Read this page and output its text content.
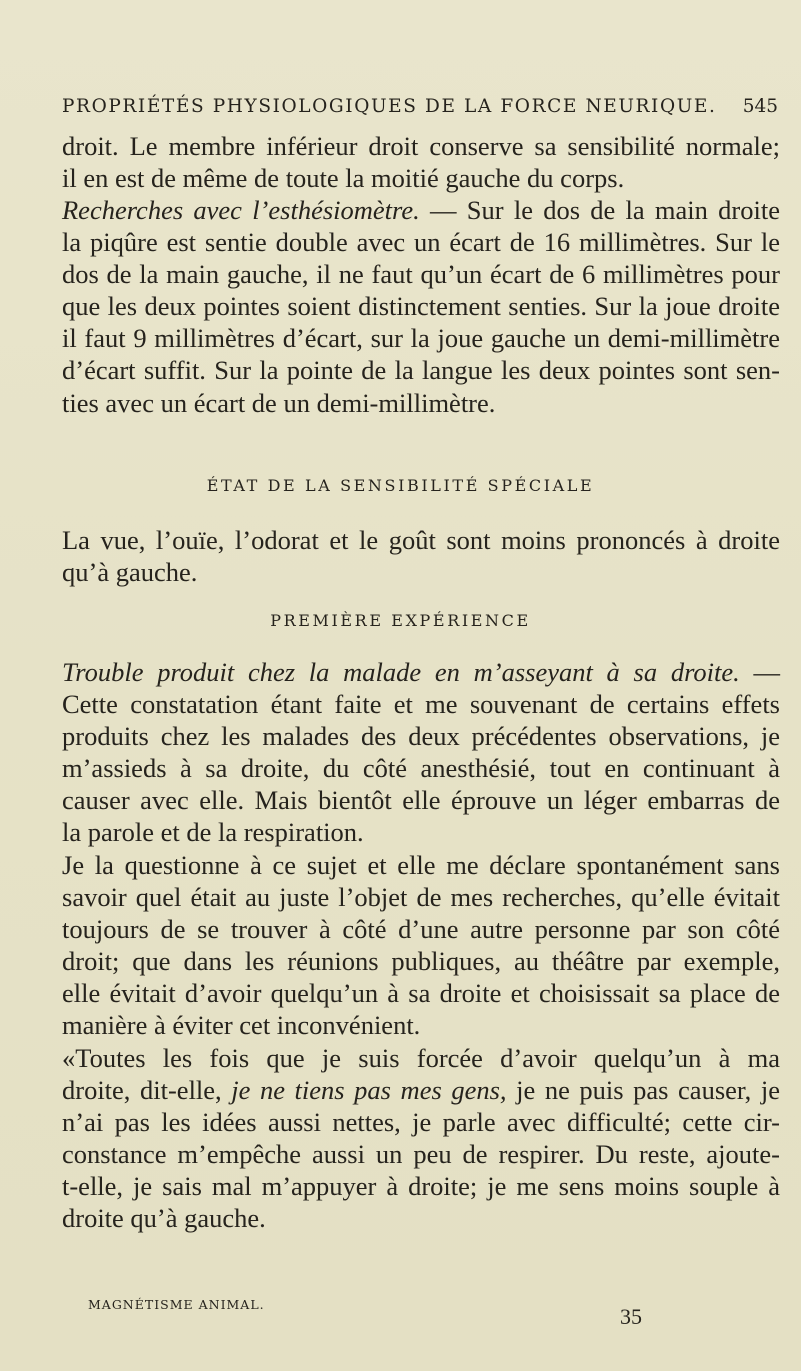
PROPRIÉTÉS PHYSIOLOGIQUES DE LA FORCE NEURIQUE. 545
droit. Le membre inférieur droit conserve sa sensibilité normale;
il en est de même de toute la moitié gauche du corps.
Recherches avec l’esthésiomètre. — Sur le dos de la main droite
la piqûre est sentie double avec un écart de 16 millimètres. Sur le
dos de la main gauche, il ne faut qu’un écart de 6 millimètres pour
que les deux pointes soient distinctement senties. Sur la joue droite
il faut 9 millimètres d’écart, sur la joue gauche un demi-millimètre
d’écart suffit. Sur la pointe de la langue les deux pointes sont sen-
ties avec un écart de un demi-millimètre.
ÉTAT DE LA SENSIBILITÉ SPÉCIALE
La vue, l’ouïe, l’odorat et le goût sont moins prononcés à droite
qu’à gauche.
PREMIÈRE EXPÉRIENCE
Trouble produit chez la malade en m’asseyant à sa droite. —
Cette constatation étant faite et me souvenant de certains effets
produits chez les malades des deux précédentes observations, je
m’assieds à sa droite, du côté anesthésié, tout en continuant à
causer avec elle. Mais bientôt elle éprouve un léger embarras de
la parole et de la respiration.
Je la questionne à ce sujet et elle me déclare spontanément sans
savoir quel était au juste l’objet de mes recherches, qu’elle évitait
toujours de se trouver à côté d’une autre personne par son côté
droit; que dans les réunions publiques, au théâtre par exemple,
elle évitait d’avoir quelqu’un à sa droite et choisissait sa place de
manière à éviter cet inconvénient.
«Toutes les fois que je suis forcée d’avoir quelqu’un à ma
droite, dit-elle, je ne tiens pas mes gens, je ne puis pas causer, je
n’ai pas les idées aussi nettes, je parle avec difficulté; cette cir-
constance m’empêche aussi un peu de respirer. Du reste, ajoute-
t-elle, je sais mal m’appuyer à droite; je me sens moins souple à
droite qu’à gauche.
MAGNÉTISME ANIMAL.	35
